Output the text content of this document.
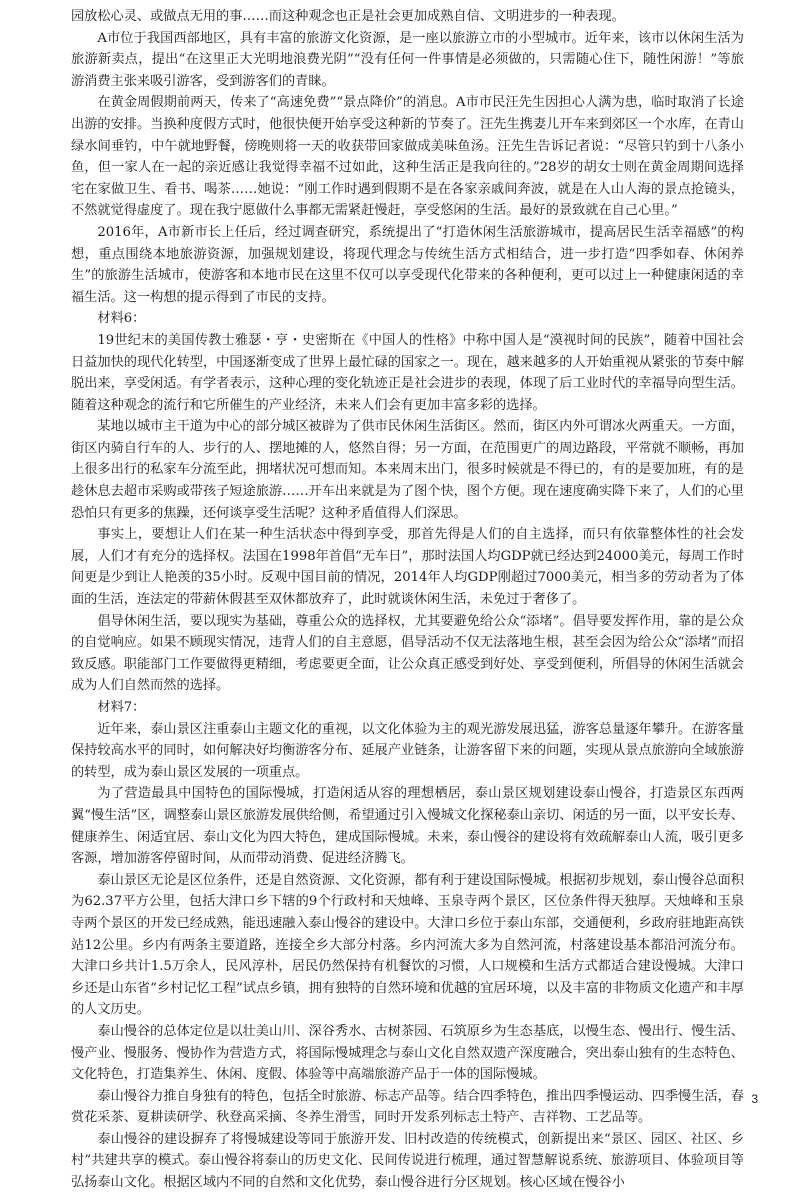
园放松心灵、或做点无用的事……而这种观念也正是社会更加成熟自信、文明进步的一种表现。

A市位于我国西部地区，具有丰富的旅游文化资源，是一座以旅游立市的小型城市。近年来，该市以休闲生活为旅游新卖点，提出“在这里正大光明地浪费光阴”“没有任何一件事情是必须做的，只需随心住下，随性闲游！”等旅游消费主张来吸引游客，受到游客们的青睐。

在黄金周假期前两天，传来了“高速免费”“景点降价”的消息。A市市民汪先生因担心人满为患，临时取消了长途出游的安排。当换种度假方式时，他很快便开始享受这种新的节奏了。汪先生携妻儿开车来到郊区一个水库，在青山绿水间垂钓，中午就地野餐，傍晚则将一天的收获带回家做成美味鱼汤。汪先生告诉记者说：“尽管只钓到十八条小鱼，但一家人在一起的亲近感让我觉得幸福不过如此，这种生活正是我向往的。”28岁的胡女士则在黄金周期间选择宅在家做卫生、看书、喝茶……她说：“刚工作时遇到假期不是在各家亲戚间奔波，就是在人山人海的景点抢镜头，不然就觉得虚度了。现在我宁愿做什么事都无需紧赶慢赶，享受悠闲的生活。最好的景致就在自己心里。”

2016年，A市新市长上任后，经过调查研究，系统提出了“打造休闲生活旅游城市，提高居民生活幸福感”的构想，重点围绕本地旅游资源，加强规划建设，将现代理念与传统生活方式相结合，进一步打造“四季如春、休闲养生”的旅游生活城市，使游客和本地市民在这里不仅可以享受现代化带来的各种便利，更可以过上一种健康闲适的幸福生活。这一构想的提示得到了市民的支持。

材料6：

19世纪末的美国传教士雅瑟・亨・史密斯在《中国人的性格》中称中国人是“漠视时间的民族”，随着中国社会日益加快的现代化转型，中国逐渐变成了世界上最忙碌的国家之一。现在，越来越多的人开始重视从紧张的节奏中解脱出来，享受闲适。有学者表示，这种心理的变化轨迹正是社会进步的表现，体现了后工业时代的幸福导向型生活。随着这种观念的流行和它所催生的产业经济，未来人们会有更加丰富多彩的选择。

某地以城市主干道为中心的部分城区被辟为了供市民休闲生活街区。然而，街区内外可谓冰火两重天。一方面，街区内骑自行车的人、步行的人、摆地摊的人，悠然自得；另一方面，在范围更广的周边路段，平常就不顺畅，再加上很多出行的私家车分流至此，拥堵状况可想而知。本来周末出门，很多时候就是不得已的，有的是要加班，有的是趁休息去超市采购或带孩子短途旅游……开车出来就是为了图个快，图个方便。现在速度确实降下来了，人们的心里恐怕只有更多的焦躁，还何谈享受生活呢？这种矛盾值得人们深思。

事实上，要想让人们在某一种生活状态中得到享受，那首先得是人们的自主选择，而只有依靠整体性的社会发展，人们才有充分的选择权。法国在1998年首倡“无车日”，那时法国人均GDP就已经达到24000美元，每周工作时间更是少到让人艳羡的35小时。反观中国目前的情况，2014年人均GDP刚超过7000美元，相当多的劳动者为了体面的生活，连法定的带薪休假甚至双休都放弃了，此时就谈休闲生活，未免过于奢侈了。

倡导休闲生活，要以现实为基础，尊重公众的选择权，尤其要避免给公众“添堵”。倡导要发挥作用，靠的是公众的自觉响应。如果不顾现实情况，违背人们的自主意愿，倡导活动不仅无法落地生根，甚至会因为给公众“添堵”而招致反感。职能部门工作要做得更精细，考虑要更全面，让公众真正感受到好处、享受到便利，所倡导的休闲生活就会成为人们自然而然的选择。

材料7：

近年来，泰山景区注重泰山主题文化的重视，以文化体验为主的观光游发展迅猛，游客总量逐年攀升。在游客量保持较高水平的同时，如何解决好均衡游客分布、延展产业链条，让游客留下来的问题，实现从景点旅游向全域旅游的转型，成为泰山景区发展的一项重点。

为了营造最具中国特色的国际慢城，打造闲适从容的理想栖居，泰山景区规划建设泰山慢谷，打造景区东西两翼“慢生活”区，调整泰山景区旅游发展供给侧，希望通过引入慢城文化探秘泰山亲切、闲适的另一面，以平安长寿、健康养生、闲适宜居、泰山文化为四大特色，建成国际慢城。未来，泰山慢谷的建设将有效疏解泰山人流，吸引更多客源，增加游客停留时间，从而带动消费、促进经济腾飞。

泰山景区无论是区位条件，还是自然资源、文化资源，都有利于建设国际慢城。根据初步规划，泰山慢谷总面积为62.37平方公里，包括大津口乡下辖的9个行政村和天烛峰、玉泉寺两个景区，区位条件得天独厚。天烛峰和玉泉寺两个景区的开发已经成熟，能迅速融入泰山慢谷的建设中。大津口乡位于泰山东部，交通便利，乡政府驻地距高铁站12公里。乡内有两条主要道路，连接全乡大部分村落。乡内河流大多为自然河流，村落建设基本都沿河流分布。大津口乡共计1.5万余人，民风淳朴，居民仍然保持有机餐饮的习惯，人口规模和生活方式都适合建设慢城。大津口乡还是山东省“乡村记忆工程”试点乡镇，拥有独特的自然环境和优越的宜居环境，以及丰富的非物质文化遗产和丰厚的人文历史。

泰山慢谷的总体定位是以壮美山川、深谷秀水、古树茶园、石筑原乡为生态基底，以慢生态、慢出行、慢生活、慢产业、慢服务、慢协作为营造方式，将国际慢城理念与泰山文化自然双遗产深度融合，突出泰山独有的生态特色、文化特色，打造集养生、休闲、度假、体验等中高端旅游产品于一体的国际慢城。

泰山慢谷力推自身独有的特色，包括全时旅游、标志产品等。结合四季特色，推出四季慢运动、四季慢生活，春赏花采茶、夏耕读研学、秋登高采摘、冬养生滑雪，同时开发系列标志土特产、吉祥物、工艺品等。

泰山慢谷的建设摒弃了将慢城建设等同于旅游开发、旧村改造的传统模式，创新提出来“景区、园区、社区、乡村”共建共享的模式。泰山慢谷将泰山的历史文化、民间传说进行梳理，通过智慧解说系统、旅游项目、体验项目等弘扬泰山文化。根据区域内不同的自然和文化优势，泰山慢谷进行分区规划。核心区域在慢谷小

3
